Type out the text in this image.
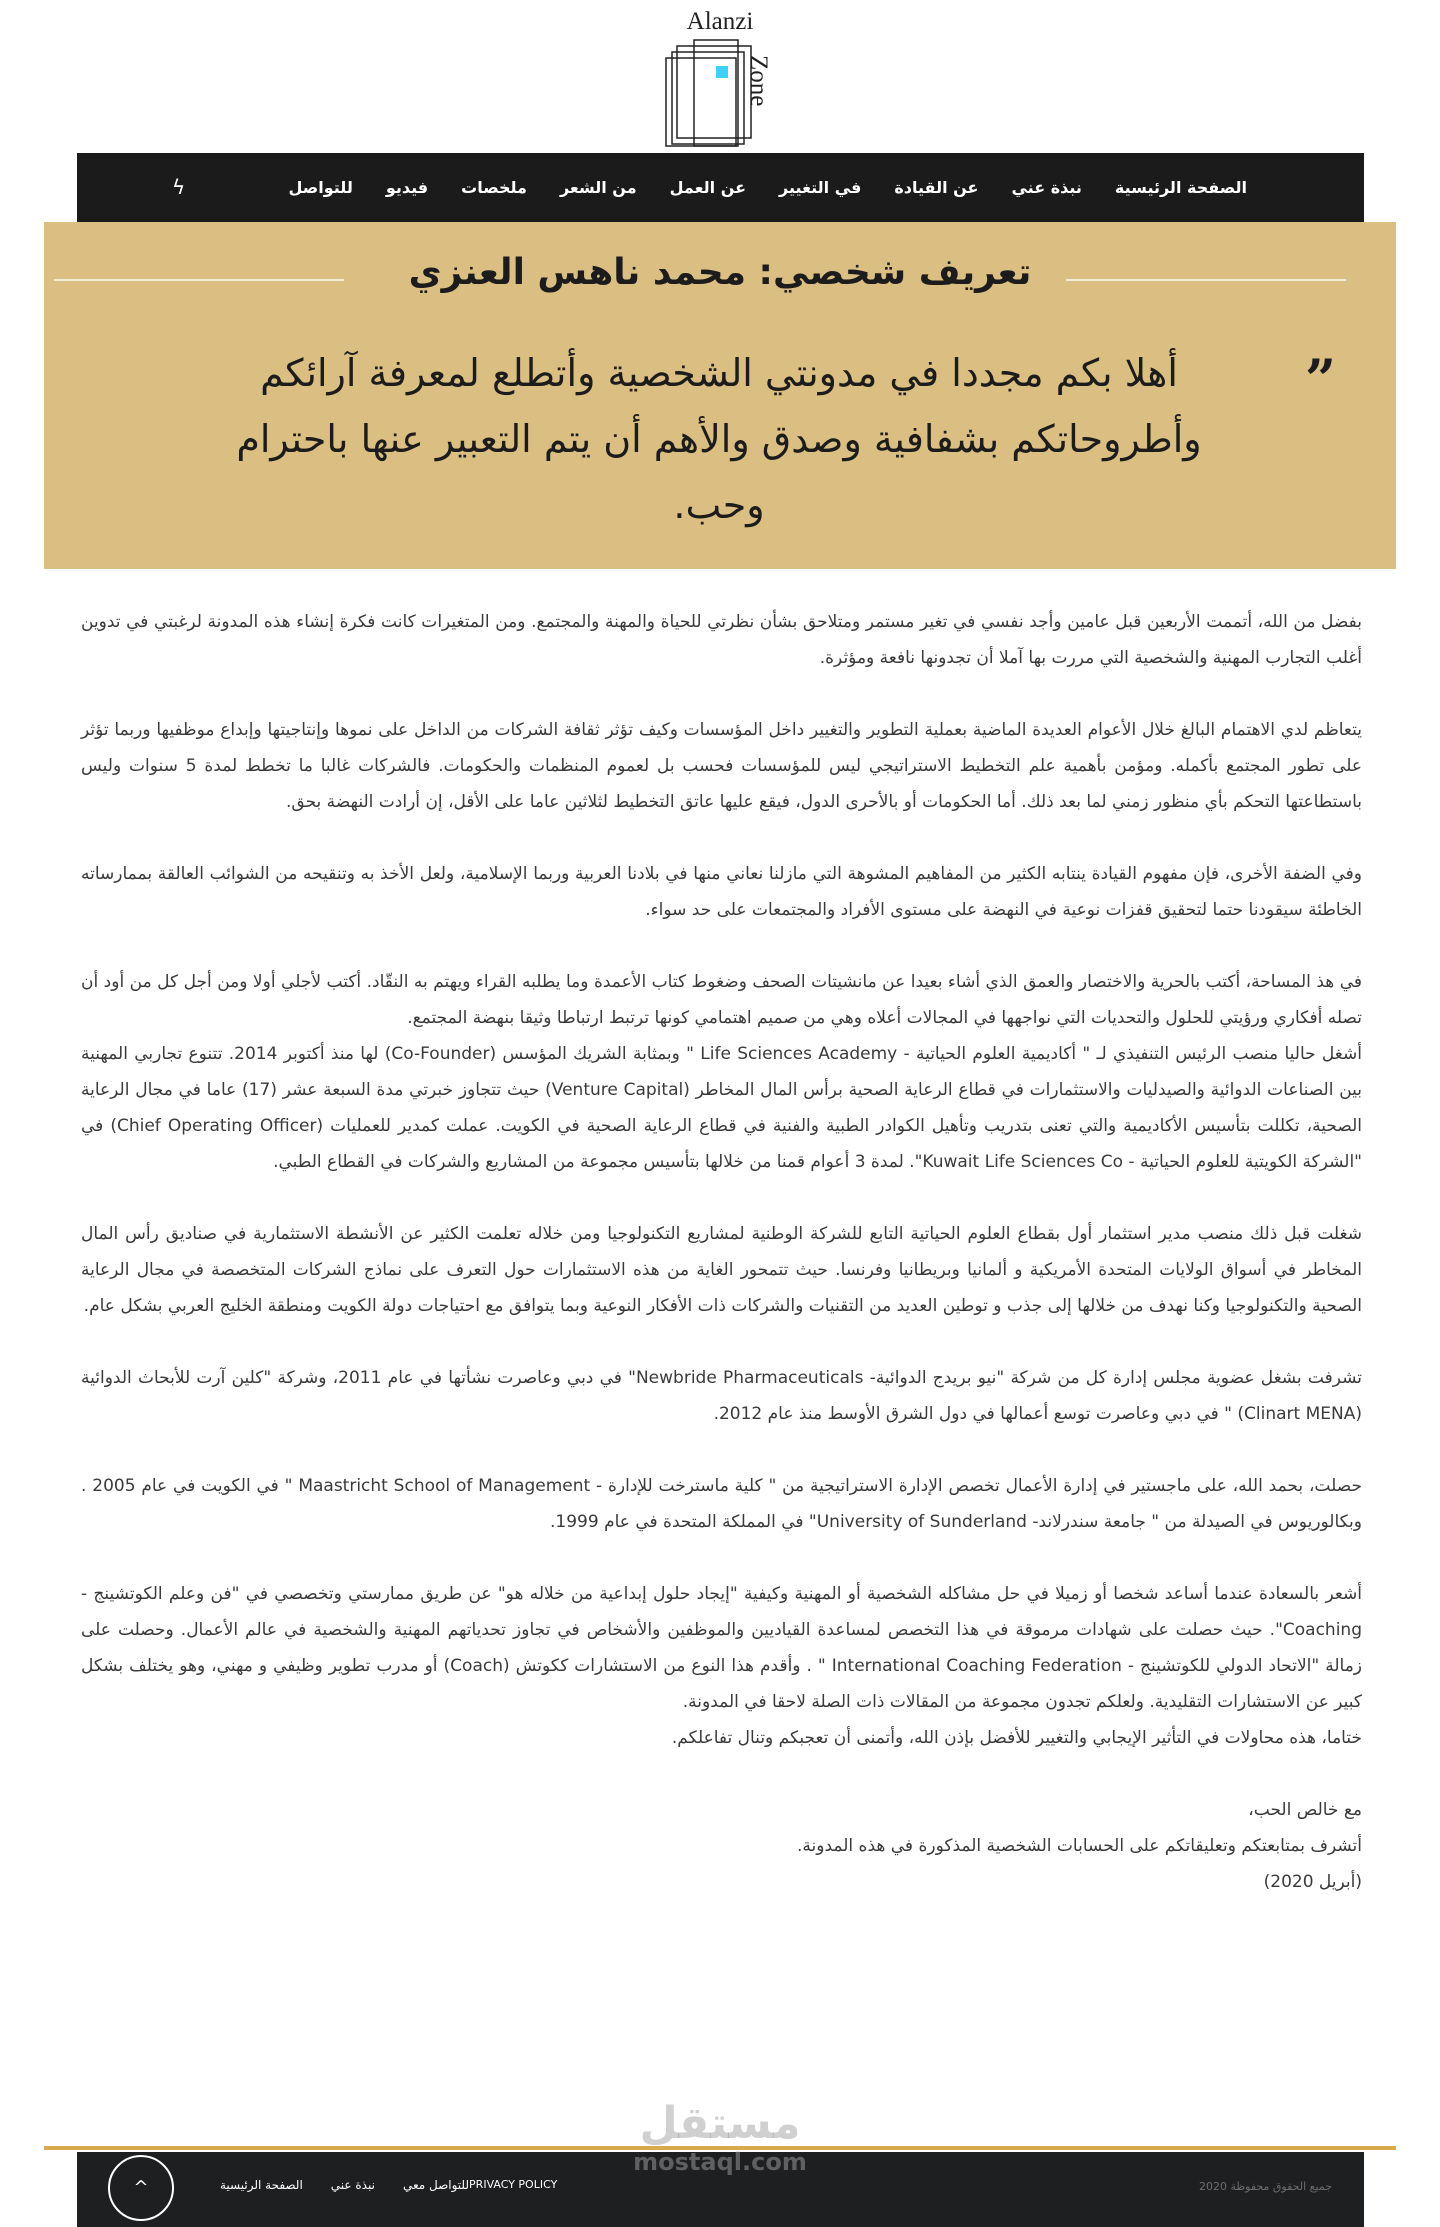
Alanzi
Zone
الصفحة الرئيسية
نبذة عني
عن القيادة
في التغيير
عن العمل
من الشعر
ملخصات
فيديو
للتواصل
ϟ
تعريف شخصي: محمد ناهس العنزي
”

أهلا بكم مجددا في مدونتي الشخصية وأتطلع لمعرفة آرائكم وأطروحاتكم بشفافية وصدق والأهم أن يتم التعبير عنها باحترام وحب.

بفضل من الله، أتممت الأربعين قبل عامين وأجد نفسي في تغير مستمر ومتلاحق بشأن نظرتي للحياة والمهنة والمجتمع. ومن المتغيرات كانت فكرة إنشاء هذه المدونة لرغبتي في تدوين أغلب التجارب المهنية والشخصية التي مررت بها آملا أن تجدونها نافعة ومؤثرة.

يتعاظم لدي الاهتمام البالغ خلال الأعوام العديدة الماضية بعملية التطوير والتغيير داخل المؤسسات وكيف تؤثر ثقافة الشركات من الداخل على نموها وإنتاجيتها وإبداع موظفيها وربما تؤثر على تطور المجتمع بأكمله. ومؤمن بأهمية علم التخطيط الاستراتيجي ليس للمؤسسات فحسب بل لعموم المنظمات والحكومات. فالشركات غالبا ما تخطط لمدة 5 سنوات وليس باستطاعتها التحكم بأي منظور زمني لما بعد ذلك. أما الحكومات أو بالأحرى الدول، فيقع عليها عاتق التخطيط لثلاثين عاما على الأقل، إن أرادت النهضة بحق.

وفي الضفة الأخرى، فإن مفهوم القيادة ينتابه الكثير من المفاهيم المشوهة التي مازلنا نعاني منها في بلادنا العربية وربما الإسلامية، ولعل الأخذ به وتنقيحه من الشوائب العالقة بممارساته الخاطئة سيقودنا حتما لتحقيق قفزات نوعية في النهضة على مستوى الأفراد والمجتمعات على حد سواء.

في هذ المساحة، أكتب بالحرية والاختصار والعمق الذي أشاء بعيدا عن مانشيتات الصحف وضغوط كتاب الأعمدة وما يطلبه القراء ويهتم به النقّاد. أكتب لأجلي أولا ومن أجل كل من أود أن تصله أفكاري ورؤيتي للحلول والتحديات التي نواجهها في المجالات أعلاه وهي من صميم اهتمامي كونها ترتبط ارتباطا وثيقا بنهضة المجتمع.

أشغل حاليا منصب الرئيس التنفيذي لـ " أكاديمية العلوم الحياتية - Life Sciences Academy " وبمثابة الشريك المؤسس (Co-Founder) لها منذ أكتوبر 2014. تتنوع تجاربي المهنية بين الصناعات الدوائية والصيدليات والاستثمارات في قطاع الرعاية الصحية برأس المال المخاطر (Venture Capital) حيث تتجاوز خبرتي مدة السبعة عشر (17) عاما في مجال الرعاية الصحية، تكللت بتأسيس الأكاديمية والتي تعنى بتدريب وتأهيل الكوادر الطبية والفنية في قطاع الرعاية الصحية في الكويت. عملت كمدير للعمليات (Chief Operating Officer) في "الشركة الكويتية للعلوم الحياتية - Kuwait Life Sciences Co". لمدة 3 أعوام قمنا من خلالها بتأسيس مجموعة من المشاريع والشركات في القطاع الطبي.

شغلت قبل ذلك منصب مدير استثمار أول بقطاع العلوم الحياتية التابع للشركة الوطنية لمشاريع التكنولوجيا ومن خلاله تعلمت الكثير عن الأنشطة الاستثمارية في صناديق رأس المال المخاطر في أسواق الولايات المتحدة الأمريكية و ألمانيا وبريطانيا وفرنسا. حيث تتمحور الغاية من هذه الاستثمارات حول التعرف على نماذج الشركات المتخصصة في مجال الرعاية الصحية والتكنولوجيا وكنا نهدف من خلالها إلى جذب و توطين العديد من التقنيات والشركات ذات الأفكار النوعية وبما يتوافق مع احتياجات دولة الكويت ومنطقة الخليج العربي بشكل عام.

تشرفت بشغل عضوية مجلس إدارة كل من شركة "نيو بريدج الدوائية- Newbride Pharmaceuticals" في دبي وعاصرت نشأتها في عام 2011، وشركة "كلين آرت للأبحاث الدوائية (Clinart MENA) " في دبي وعاصرت توسع أعمالها في دول الشرق الأوسط منذ عام 2012.

حصلت، بحمد الله، على ماجستير في إدارة الأعمال تخصص الإدارة الاستراتيجية من " كلية ماسترخت للإدارة - Maastricht School of Management " في الكويت في عام 2005 . وبكالوريوس في الصيدلة من " جامعة سندرلاند- University of Sunderland" في المملكة المتحدة في عام 1999.

أشعر بالسعادة عندما أساعد شخصا أو زميلا في حل مشاكله الشخصية أو المهنية وكيفية "إيجاد حلول إبداعية من خلاله هو" عن طريق ممارستي وتخصصي في "فن وعلم الكوتشينج - Coaching". حيث حصلت على شهادات مرموقة في هذا التخصص لمساعدة القياديين والموظفين والأشخاص في تجاوز تحدياتهم المهنية والشخصية في عالم الأعمال. وحصلت على زمالة "الاتحاد الدولي للكوتشينج - International Coaching Federation " . وأقدم هذا النوع من الاستشارات ككوتش (Coach) أو مدرب تطوير وظيفي و مهني، وهو يختلف بشكل كبير عن الاستشارات التقليدية. ولعلكم تجدون مجموعة من المقالات ذات الصلة لاحقا في المدونة.

ختاما، هذه محاولات في التأثير الإيجابي والتغيير للأفضل بإذن الله، وأتمنى أن تعجبكم وتنال تفاعلكم.

مع خالص الحب،

أتشرف بمتابعتكم وتعليقاتكم على الحسابات الشخصية المذكورة في هذه المدونة.

(أبريل 2020)

^	الصفحة الرئيسية نبذة عني للتواصل معي PRIVACY POLICY	جميع الحقوق محفوظة 2020
مستقل
mostaql.com
